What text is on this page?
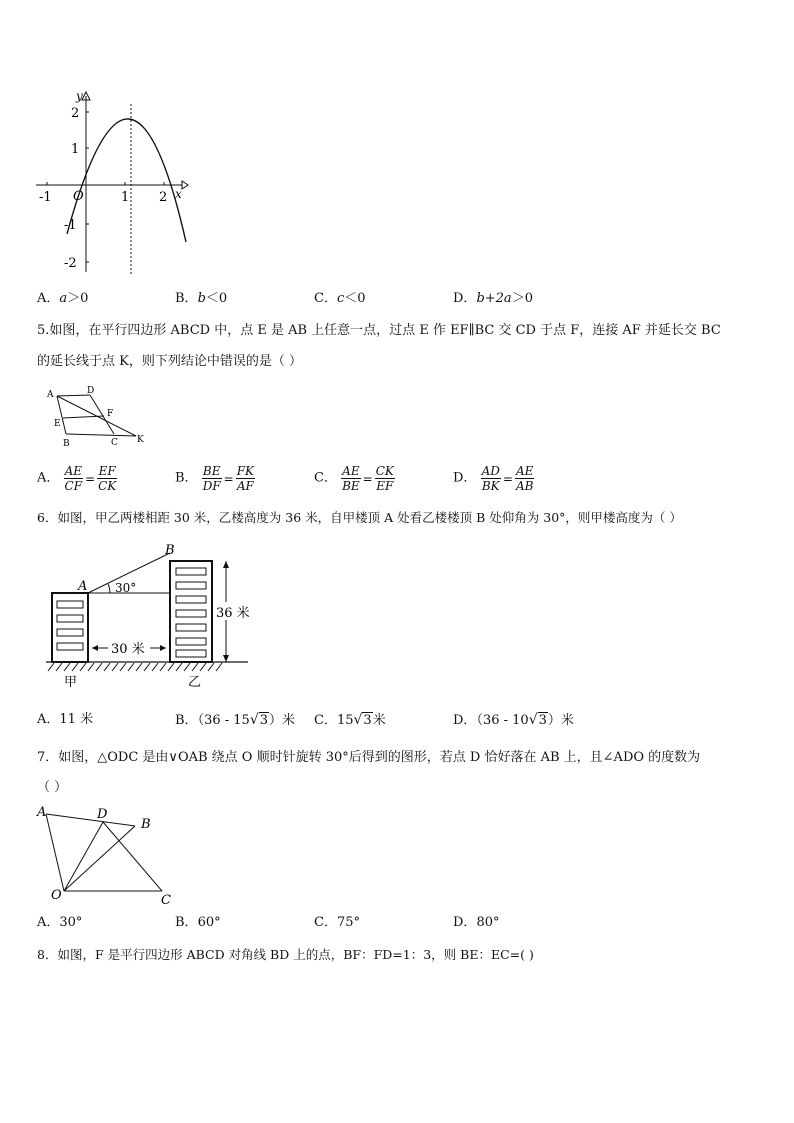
y
x
O
-1	1 2
2
1
-1
-2
A．a＞0	B．b＜0	C．c＜0	D．b+2a＞0
5.如图，在平行四边形 ABCD 中，点 E 是 AB 上任意一点，过点 E 作 EF∥BC 交 CD 于点 F，连接 AF 并延长交 BC
的延长线于点 K，则下列结论中错误的是（ ）
A	D
F
E
B	C K
A． $\frac{AE}{CF} = \frac{EF}{CK}$	B． $\frac{BE}{DF} = \frac{FK}{AF}$	C． $\frac{AE}{BE} = \frac{CK}{EF}$	D． $\frac{AD}{BK} = \frac{AE}{AB}$
6．如图，甲乙两楼相距 30 米，乙楼高度为 36 米，自甲楼顶 A 处看乙楼楼顶 B 处仰角为 30°，则甲楼高度为（ ）
A
B
30°
30 米
36 米
甲	乙
A．11 米	B．（36 - 15√3）米 C．15√3米	D．（36 - 10√3）米
7．如图，△ODC 是由∨OAB 绕点 O 顺时针旋转 30°后得到的图形，若点 D 恰好落在 AB 上，且∠ADO 的度数为
（ ）
A	D
B
O	C
A．30°	B．60°	C．75°	D．80°
8．如图，F 是平行四边形 ABCD 对角线 BD 上的点，BF：FD=1：3，则 BE：EC=( )
